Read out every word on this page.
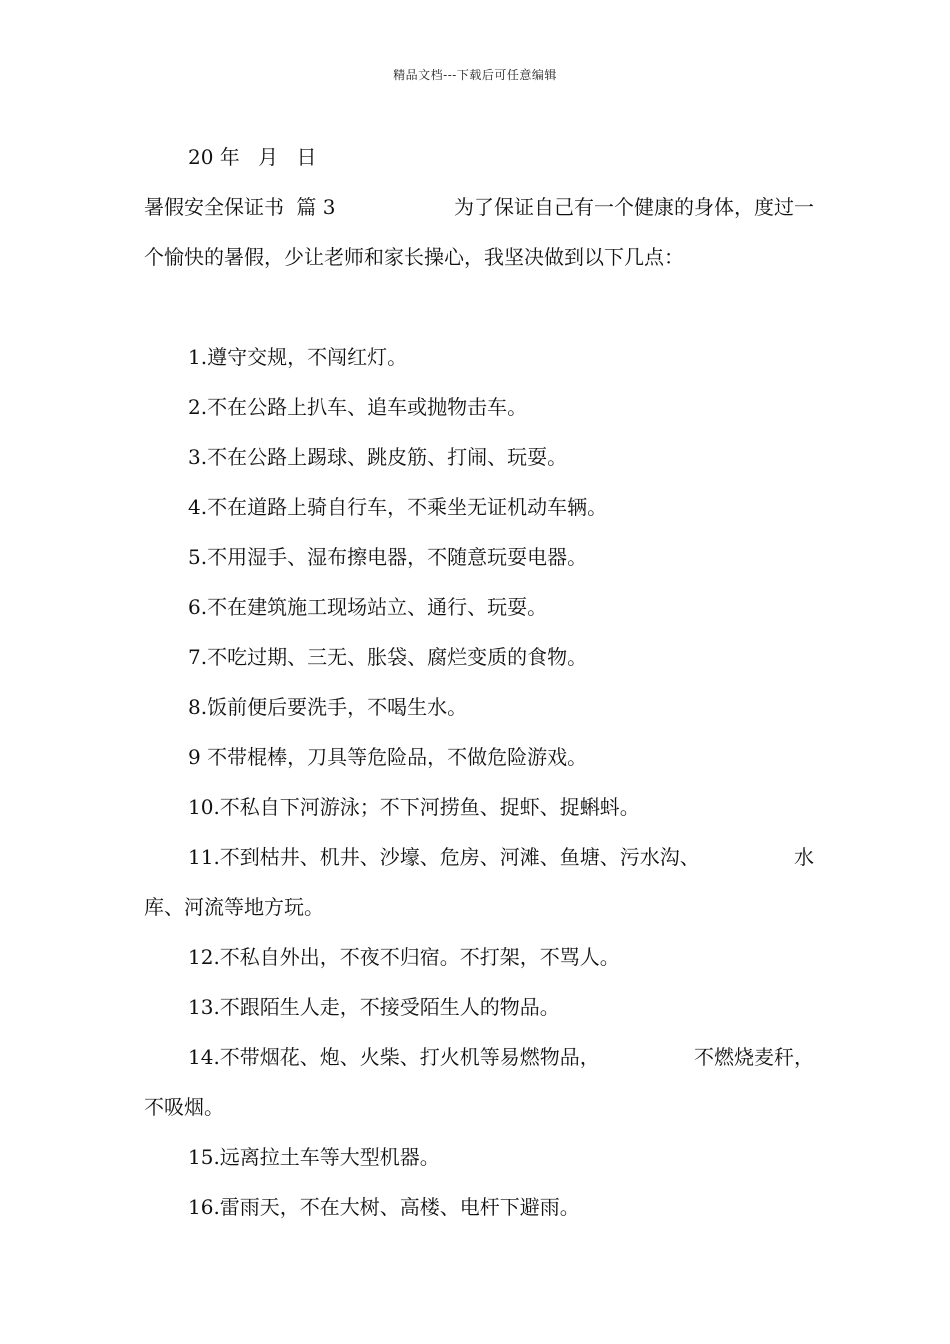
精品文档---下载后可任意编辑
20 年 月 日
暑假安全保证书 篇 3	为了保证自己有一个健康的身体，度过一
个愉快的暑假，少让老师和家长操心，我坚决做到以下几点：
1.遵守交规，不闯红灯。
2.不在公路上扒车、追车或抛物击车。
3.不在公路上踢球、跳皮筋、打闹、玩耍。
4.不在道路上骑自行车，不乘坐无证机动车辆。
5.不用湿手、湿布擦电器，不随意玩耍电器。
6.不在建筑施工现场站立、通行、玩耍。
7.不吃过期、三无、胀袋、腐烂变质的食物。
8.饭前便后要洗手，不喝生水。
9 不带棍棒，刀具等危险品，不做危险游戏。
10.不私自下河游泳；不下河捞鱼、捉虾、捉蝌蚪。
11.不到枯井、机井、沙壕、危房、河滩、鱼塘、污水沟、	水
库、河流等地方玩。
12.不私自外出，不夜不归宿。不打架，不骂人。
13.不跟陌生人走，不接受陌生人的物品。
14.不带烟花、炮、火柴、打火机等易燃物品，	不燃烧麦秆，
不吸烟。
15.远离拉土车等大型机器。
16.雷雨天，不在大树、高楼、电杆下避雨。
